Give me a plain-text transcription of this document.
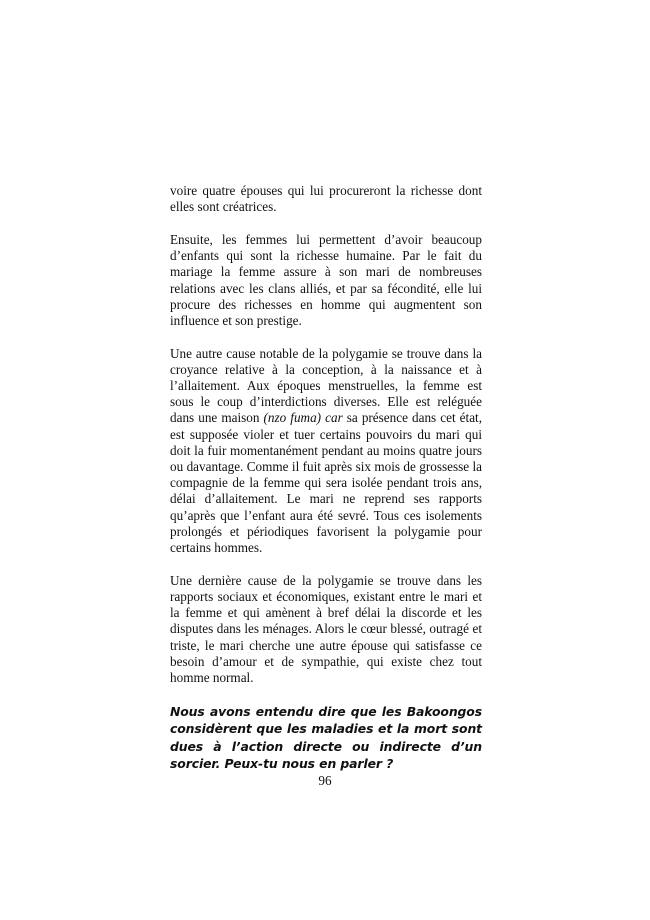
voire quatre épouses qui lui procureront la richesse dont elles sont créatrices.

Ensuite, les femmes lui permettent d’avoir beaucoup d’enfants qui sont la richesse humaine. Par le fait du mariage la femme assure à son mari de nombreuses relations avec les clans alliés, et par sa fécondité, elle lui procure des richesses en homme qui augmentent son influence et son prestige.

Une autre cause notable de la polygamie se trouve dans la croyance relative à la conception, à la naissance et à l’allaitement. Aux époques menstruelles, la femme est sous le coup d’interdictions diverses. Elle est reléguée dans une maison (nzo fuma) car sa présence dans cet état, est supposée violer et tuer certains pouvoirs du mari qui doit la fuir momentanément pendant au moins quatre jours ou davantage. Comme il fuit après six mois de grossesse la compagnie de la femme qui sera isolée pendant trois ans, délai d’allaitement. Le mari ne reprend ses rapports qu’après que l’enfant aura été sevré. Tous ces isolements prolongés et périodiques favorisent la polygamie pour certains hommes.

Une dernière cause de la polygamie se trouve dans les rapports sociaux et économiques, existant entre le mari et la femme et qui amènent à bref délai la discorde et les disputes dans les ménages. Alors le cœur blessé, outragé et triste, le mari cherche une autre épouse qui satisfasse ce besoin d’amour et de sympathie, qui existe chez tout homme normal.

Nous avons entendu dire que les Bakoongos considèrent que les maladies et la mort sont dues à l’action directe ou indirecte d’un sorcier. Peux-tu nous en parler ?

96
